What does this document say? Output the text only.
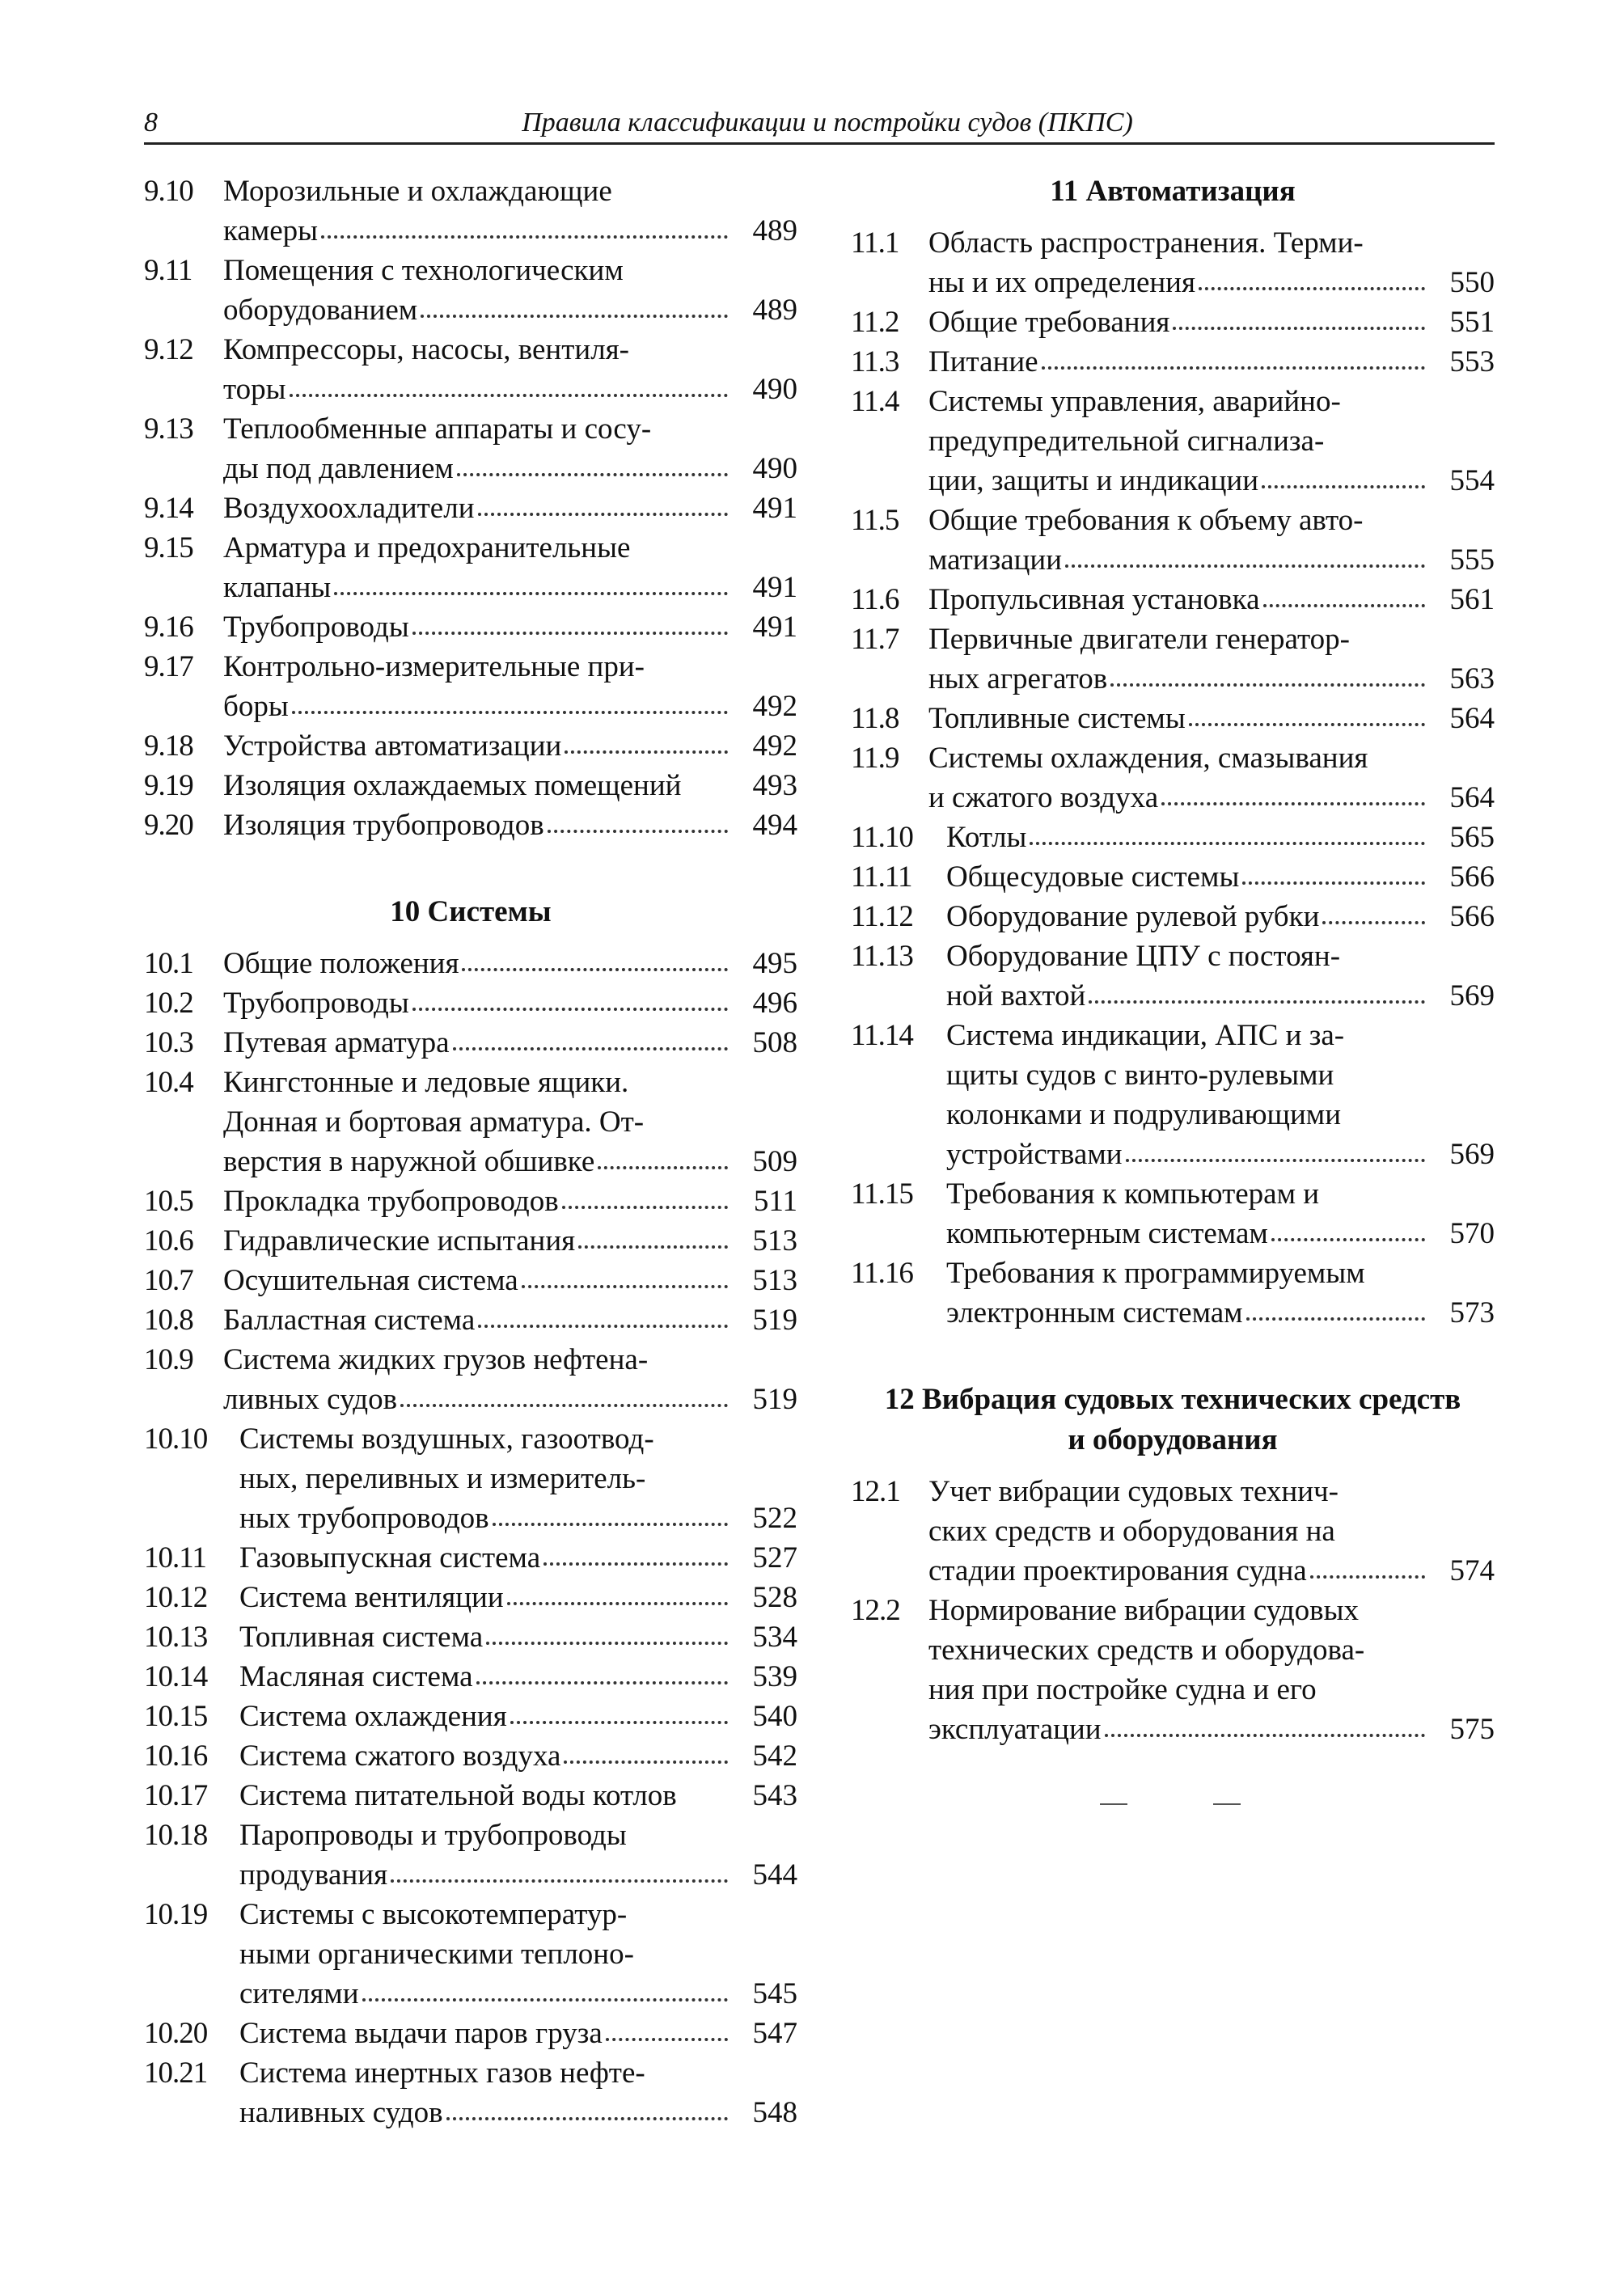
8	Правила классификации и постройки судов (ПКПС)
9.10 Морозильные и охлаждающие
камеры	489
9.11 Помещения с технологическим
оборудованием	489
9.12 Компрессоры, насосы, вентиля-
торы	490
9.13 Теплообменные аппараты и сосу-
ды под давлением	490
9.14 Воздухоохладители	491
9.15 Арматура и предохранительные
клапаны	491
9.16 Трубопроводы	491
9.17 Контрольно-измерительные при-
боры	492
9.18 Устройства автоматизации	492
9.19 Изоляция охлаждаемых помещений	493
9.20 Изоляция трубопроводов	494
10 Системы
10.1 Общие положения	495
10.2 Трубопроводы	496
10.3 Путевая арматура	508
10.4 Кингстонные и ледовые ящики.
Донная и бортовая арматура. От-
верстия в наружной обшивке	509
10.5 Прокладка трубопроводов	511
10.6 Гидравлические испытания	513
10.7 Осушительная система	513
10.8 Балластная система	519
10.9 Система жидких грузов нефтена-
ливных судов	519
10.10 Системы воздушных, газоотвод-
ных, переливных и измеритель-
ных трубопроводов	522
10.11 Газовыпускная система	527
10.12 Система вентиляции	528
10.13 Топливная система	534
10.14 Масляная система	539
10.15 Система охлаждения	540
10.16 Система сжатого воздуха	542
10.17 Система питательной воды котлов	543
10.18 Паропроводы и трубопроводы
продувания	544
10.19 Системы с высокотемператур-
ными органическими теплоно-
сителями	545
10.20 Система выдачи паров груза	547
10.21 Система инертных газов нефте-
наливных судов	548
11 Автоматизация
11.1 Область распространения. Терми-
ны и их определения	550
11.2 Общие требования	551
11.3 Питание	553
11.4 Системы управления, аварийно-
предупредительной сигнализа-
ции, защиты и индикации	554
11.5 Общие требования к объему авто-
матизации	555
11.6 Пропульсивная установка	561
11.7 Первичные двигатели генератор-
ных агрегатов	563
11.8 Топливные системы	564
11.9 Системы охлаждения, смазывания
и сжатого воздуха	564
11.10 Котлы	565
11.11 Общесудовые системы	566
11.12 Оборудование рулевой рубки	566
11.13 Оборудование ЦПУ с постоян-
ной вахтой	569
11.14 Система индикации, АПС и за-
щиты судов с винто-рулевыми
колонками и подруливающими
устройствами	569
11.15 Требования к компьютерам и
компьютерным системам	570
11.16 Требования к программируемым
электронным системам	573
12 Вибрация судовых технических средств
и оборудования
12.1 Учет вибрации судовых технич-
ских средств и оборудования на
стадии проектирования судна	574
12.2 Нормирование вибрации судовых
технических средств и оборудова-
ния при постройке судна и его
эксплуатации	575
